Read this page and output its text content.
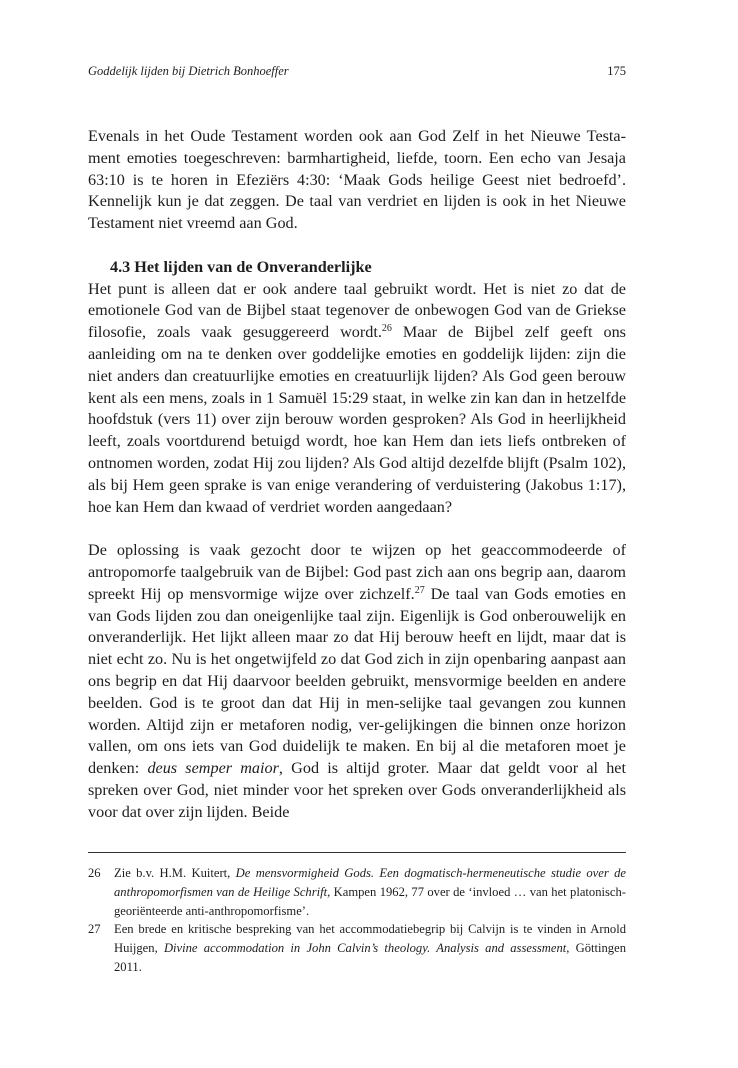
Goddelijk lijden bij Dietrich Bonhoeffer	175

Evenals in het Oude Testament worden ook aan God Zelf in het Nieuwe Testa-ment emoties toegeschreven: barmhartigheid, liefde, toorn. Een echo van Jesaja 63:10 is te horen in Efeziërs 4:30: ‘Maak Gods heilige Geest niet bedroefd’. Kennelijk kun je dat zeggen. De taal van verdriet en lijden is ook in het Nieuwe Testament niet vreemd aan God.

4.3 Het lijden van de Onveranderlijke

Het punt is alleen dat er ook andere taal gebruikt wordt. Het is niet zo dat de emotionele God van de Bijbel staat tegenover de onbewogen God van de Griekse filosofie, zoals vaak gesuggereerd wordt.$^{26}$ Maar de Bijbel zelf geeft ons aanleiding om na te denken over goddelijke emoties en goddelijk lijden: zijn die niet anders dan creatuurlijke emoties en creatuurlijk lijden? Als God geen berouw kent als een mens, zoals in 1 Samuël 15:29 staat, in welke zin kan dan in hetzelfde hoofdstuk (vers 11) over zijn berouw worden gesproken? Als God in heerlijkheid leeft, zoals voortdurend betuigd wordt, hoe kan Hem dan iets liefs ontbreken of ontnomen worden, zodat Hij zou lijden? Als God altijd dezelfde blijft (Psalm 102), als bij Hem geen sprake is van enige verandering of verduistering (Jakobus 1:17), hoe kan Hem dan kwaad of verdriet worden aangedaan?

De oplossing is vaak gezocht door te wijzen op het geaccommodeerde of antropomorfe taalgebruik van de Bijbel: God past zich aan ons begrip aan, daarom spreekt Hij op mensvormige wijze over zichzelf.$^{27}$ De taal van Gods emoties en van Gods lijden zou dan oneigenlijke taal zijn. Eigenlijk is God onberouwelijk en onveranderlijk. Het lijkt alleen maar zo dat Hij berouw heeft en lijdt, maar dat is niet echt zo. Nu is het ongetwijfeld zo dat God zich in zijn openbaring aanpast aan ons begrip en dat Hij daarvoor beelden gebruikt, mensvormige beelden en andere beelden. God is te groot dan dat Hij in men-selijke taal gevangen zou kunnen worden. Altijd zijn er metaforen nodig, ver-gelijkingen die binnen onze horizon vallen, om ons iets van God duidelijk te maken. En bij al die metaforen moet je denken: deus semper maior, God is altijd groter. Maar dat geldt voor al het spreken over God, niet minder voor het spreken over Gods onveranderlijkheid als voor dat over zijn lijden. Beide

26 Zie b.v. H.M. Kuitert, De mensvormigheid Gods. Een dogmatisch-hermeneutische studie over de anthropomorfismen van de Heilige Schrift, Kampen 1962, 77 over de ‘invloed … van het platonisch-georiënteerde anti-anthropomorfisme’.
27 Een brede en kritische bespreking van het accommodatiebegrip bij Calvijn is te vinden in Arnold Huijgen, Divine accommodation in John Calvin’s theology. Analysis and assessment, Göttingen 2011.
